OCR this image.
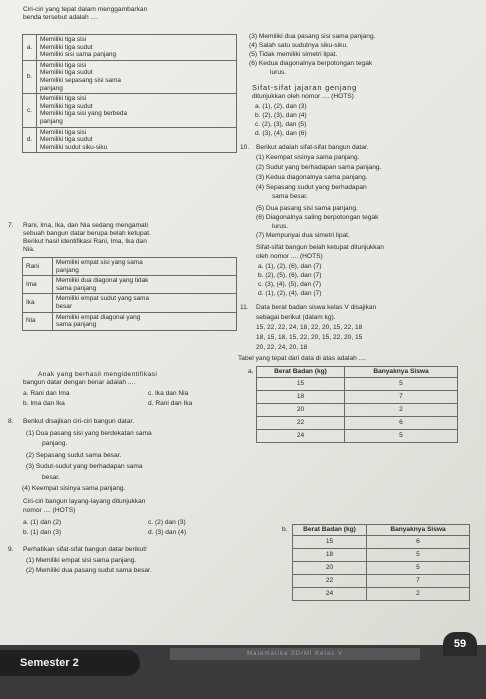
Ciri-ciri yang tepat dalam menggambarkan
benda tersebut adalah ....
a.	Memiliki tiga sisi
Memiliki tiga sudut
Memiliki sisi sama panjang

b.	Memiliki tiga sisi
Memiliki tiga sudut
Memiliki sepasang sisi sama
panjang

c.	Memiliki tiga sisi
Memiliki tiga sudut
Memiliki tiga sisi yang berbeda
panjang

d.	Memiliki tiga sisi
Memiliki tiga sudut
Memiliki sudut siku-siku
7. Rani, Ima, Ika, dan Nia sedang mengamati
sebuah bangun datar berupa belah ketupat.
Berikut hasil identifikasi Rani, Ima, Ika dan
Nia.
Rani	Memiliki empat sisi yang sama
panjang

Ima	Memiliki dua diagonal yang tidak
sama panjang

Ika	Memiliki empat sudut yang sama
besar

Nia	Memiliki empat diagonal yang
sama panjang
Anak yang berhasil mengidentifikasi
bangun datar dengan benar adalah ....
a. Rani dan Ima	c. Ika dan Nia
b. Ima dan Ika	d. Rani dan Ika
8. Berikut disajikan ciri-ciri bangun datar.
(1) Dua pasang sisi yang berdekatan sama
panjang.
(2) Sepasang sudut sama besar.
(3) Sudut-sudut yang berhadapan sama
besar.
(4) Keempat sisinya sama panjang.
Ciri-ciri bangun layang-layang ditunjukkan
nomor .... (HOTS)
a. (1) dan (2)	c. (2) dan (3)
b. (1) dan (3)	d. (3) dan (4)
9. Perhatikan sifat-sifat bangun datar berikut!
(1) Memiliki empat sisi sama panjang.
(2) Memiliki dua pasang sudut sama besar.
(3) Memiliki dua pasang sisi sama panjang.
(4) Salah satu sudutnya siku-siku.
(5) Tidak memiliki simetri lipat.
(6) Kedua diagonalnya berpotongan tegak
lurus.
Sifat-sifat jajaran genjang
ditunjukkan oleh nomor .... (HOTS)
a. (1), (2), dan (3)
b. (2), (3), dan (4)
c. (2), (3), dan (5)
d. (3), (4), dan (6)
10. Berikut adalah sifat-sifat bangun datar.
(1) Keempat sisinya sama panjang.
(2) Sudut yang berhadapan sama panjang.
(3) Kedua diagonalnya sama panjang.
(4) Sepasang sudut yang berhadapan
sama besar.
(5) Dua pasang sisi sama panjang.
(6) Diagonalnya saling berpotongan tegak
lurus.
(7) Mempunyai dua simetri lipat.
Sifat-sifat bangun belah ketupat ditunjukkan
oleh nomor .... (HOTS)
a. (1), (2), (6), dan (7)
b. (2), (5), (6), dan (7)
c. (3), (4), (5), dan (7)
d. (1), (2), (4), dan (7)
11. Data berat badan siswa kelas V disajikan
sebagai berikut (dalam kg).
15, 22, 22, 24, 18, 22, 20, 15, 22, 18
18, 15, 18, 15, 22, 20, 15, 22, 20, 15
20, 22, 24, 20, 18
Tabel yang tepat dari data di atas adalah ....
a.	Berat Badan (kg)	Banyaknya Siswa
15	5
18	7
20	2
22	6
24	5
b. Berat Badan (kg)	Banyaknya Siswa
15	6
18	5
20	5
22	7
24	2
Matematika SD/MI Kelas V
Semester 2
59
